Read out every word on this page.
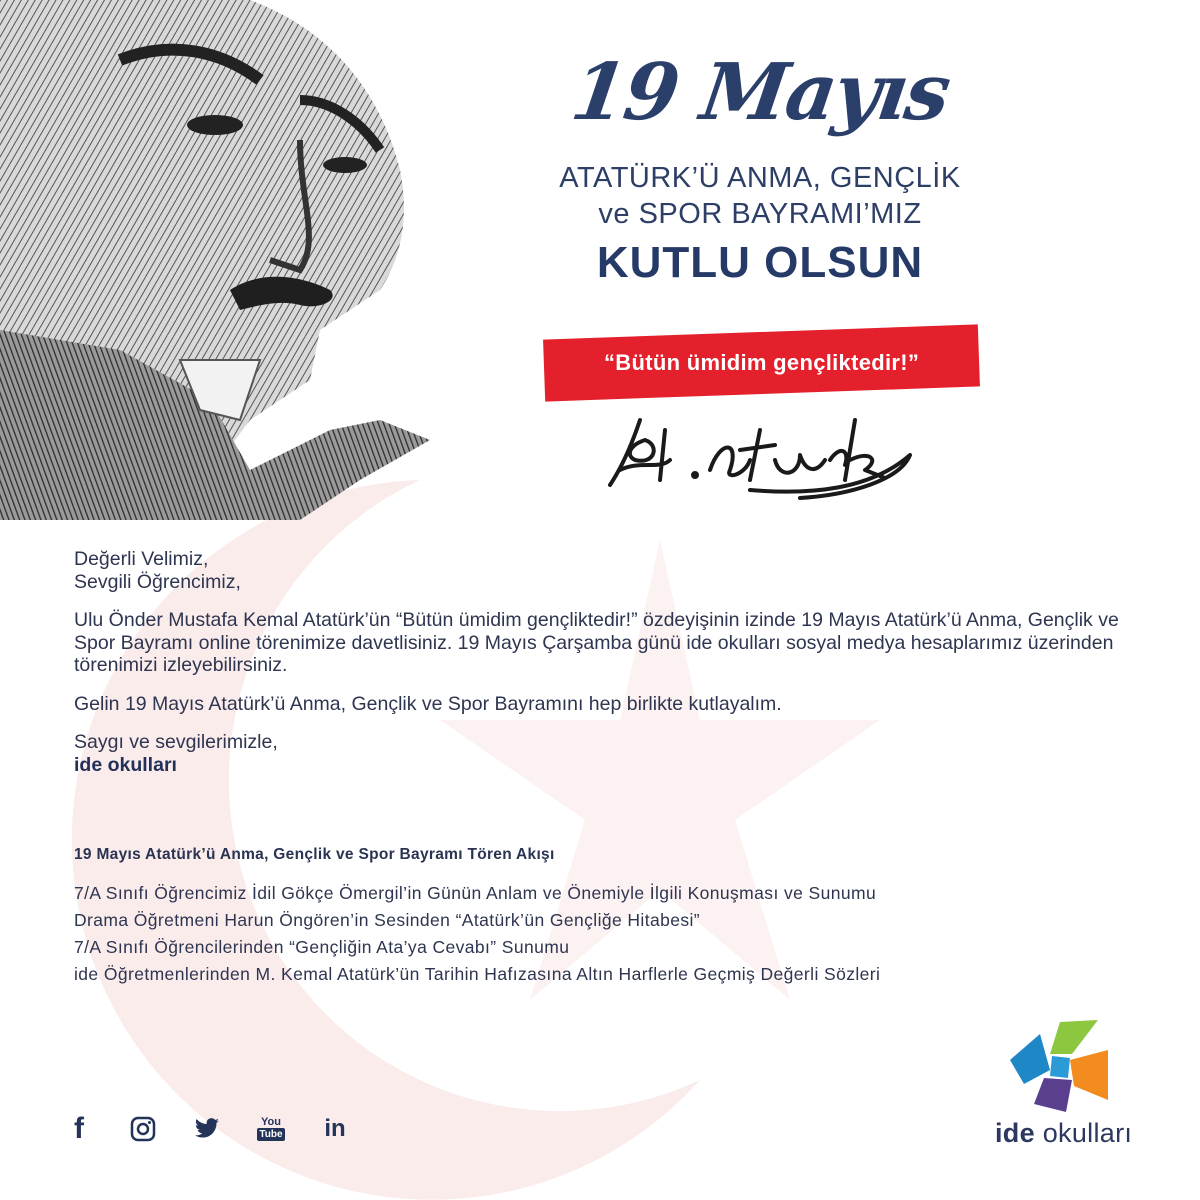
19 Mayıs
ATATÜRK’Ü ANMA, GENÇLİK
ve SPOR BAYRAMI’MIZ
KUTLU OLSUN
“Bütün ümidim gençliktedir!”

Değerli Velimiz,
Sevgili Öğrencimiz,

Ulu Önder Mustafa Kemal Atatürk’ün “Bütün ümidim gençliktedir!” özdeyişinin izinde 19 Mayıs Atatürk’ü Anma, Gençlik ve Spor Bayramı online törenimize davetlisiniz. 19 Mayıs Çarşamba günü ide okulları sosyal medya hesaplarımız üzerinden törenimizi izleyebilirsiniz.

Gelin 19 Mayıs Atatürk’ü Anma, Gençlik ve Spor Bayramını hep birlikte kutlayalım.

Saygı ve sevgilerimizle,
ide okulları

19 Mayıs Atatürk’ü Anma, Gençlik ve Spor Bayramı Tören Akışı
7/A Sınıfı Öğrencimiz İdil Gökçe Ömergil’in Günün Anlam ve Önemiyle İlgili Konuşması ve Sunumu
Drama Öğretmeni Harun Öngören’in Sesinden “Atatürk’ün Gençliğe Hitabesi”
7/A Sınıfı Öğrencilerinden “Gençliğin Ata’ya Cevabı” Sunumu
ide Öğretmenlerinden M. Kemal Atatürk’ün Tarihin Hafızasına Altın Harflerle Geçmiş Değerli Sözleri
f	You
Tube in	ide okulları
